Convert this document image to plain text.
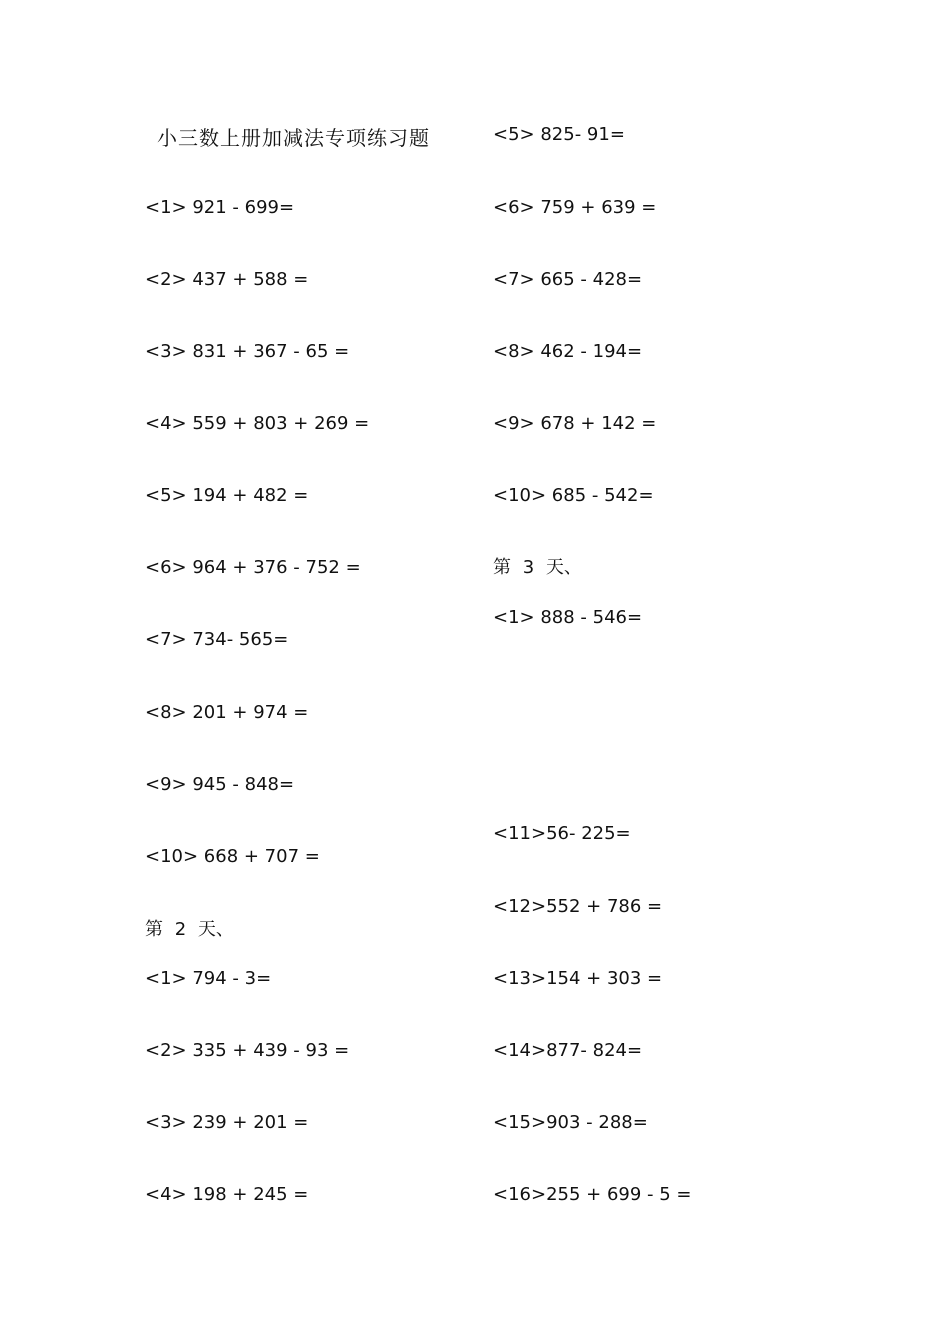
小三数上册加减法专项练习题
<1> 921 - 699=
<2> 437 + 588 =
<3> 831 + 367 - 65 =
<4> 559 + 803 + 269 =
<5> 194 + 482 =
<6> 964 + 376 - 752 =
<7> 734- 565=
<8> 201 + 974 =
<9> 945 - 848=
<10> 668 + 707 =
第 2 天、
<1> 794 - 3=
<2> 335 + 439 - 93 =
<3> 239 + 201 =
<4> 198 + 245 =
<5> 825- 91=
<6> 759 + 639 =
<7> 665 - 428=
<8> 462 - 194=
<9> 678 + 142 =
<10> 685 - 542=
第 3 天、
<1> 888 - 546=
<11>56- 225=
<12>552 + 786 =
<13>154 + 303 =
<14>877- 824=
<15>903 - 288=
<16>255 + 699 - 5 =
